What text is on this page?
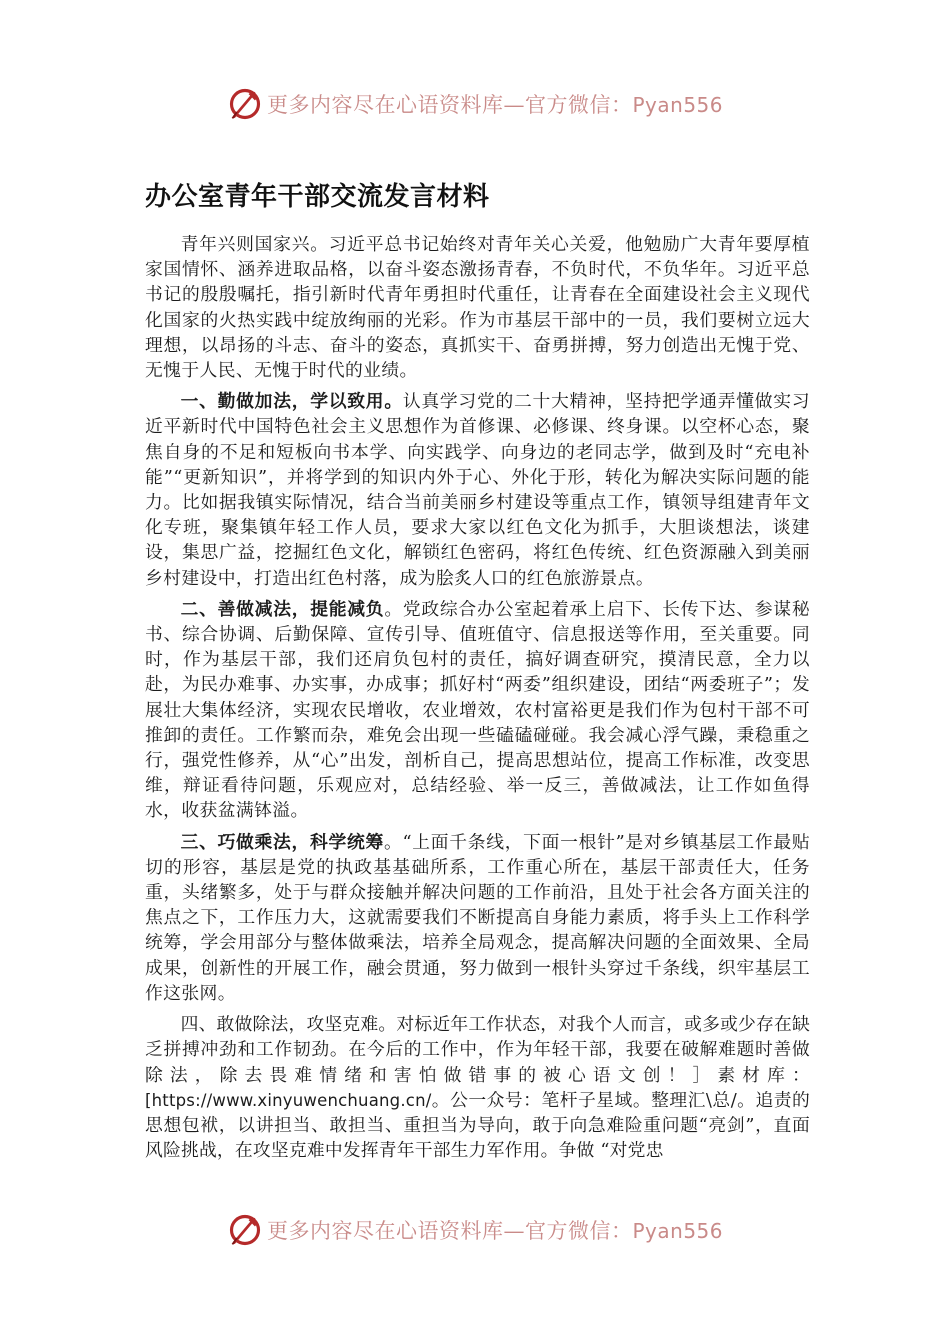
更多内容尽在心语资料库—官方微信：Pyan556
办公室青年干部交流发言材料

青年兴则国家兴。习近平总书记始终对青年关心关爱，他勉励广大青年要厚植家国情怀、涵养进取品格，以奋斗姿态激扬青春，不负时代，不负华年。习近平总书记的殷殷嘱托，指引新时代青年勇担时代重任，让青春在全面建设社会主义现代化国家的火热实践中绽放绚丽的光彩。作为市基层干部中的一员，我们要树立远大理想，以昂扬的斗志、奋斗的姿态，真抓实干、奋勇拼搏，努力创造出无愧于党、无愧于人民、无愧于时代的业绩。

一、勤做加法，学以致用。认真学习党的二十大精神，坚持把学通弄懂做实习近平新时代中国特色社会主义思想作为首修课、必修课、终身课。以空杯心态，聚焦自身的不足和短板向书本学、向实践学、向身边的老同志学，做到及时“充电补能”“更新知识”，并将学到的知识内外于心、外化于形，转化为解决实际问题的能力。比如据我镇实际情况，结合当前美丽乡村建设等重点工作，镇领导组建青年文化专班，聚集镇年轻工作人员，要求大家以红色文化为抓手，大胆谈想法，谈建设，集思广益，挖掘红色文化，解锁红色密码，将红色传统、红色资源融入到美丽乡村建设中，打造出红色村落，成为脍炙人口的红色旅游景点。

二、善做减法，提能减负。党政综合办公室起着承上启下、长传下达、参谋秘书、综合协调、后勤保障、宣传引导、值班值守、信息报送等作用，至关重要。同时，作为基层干部，我们还肩负包村的责任，搞好调查研究，摸清民意，全力以赴，为民办难事、办实事，办成事；抓好村“两委”组织建设，团结“两委班子”；发展壮大集体经济，实现农民增收，农业增效，农村富裕更是我们作为包村干部不可推卸的责任。工作繁而杂，难免会出现一些磕磕碰碰。我会减心浮气躁，秉稳重之行，强党性修养，从“心”出发，剖析自己，提高思想站位，提高工作标准，改变思维，辩证看待问题，乐观应对，总结经验、举一反三，善做减法，让工作如鱼得水，收获盆满钵溢。

三、巧做乘法，科学统筹。“上面千条线，下面一根针”是对乡镇基层工作最贴切的形容，基层是党的执政基基础所系，工作重心所在，基层干部责任大，任务重，头绪繁多，处于与群众接触并解决问题的工作前沿，且处于社会各方面关注的焦点之下，工作压力大，这就需要我们不断提高自身能力素质，将手头上工作科学统筹，学会用部分与整体做乘法，培养全局观念，提高解决问题的全面效果、全局成果，创新性的开展工作，融会贯通，努力做到一根针头穿过千条线，织牢基层工作这张网。

四、敢做除法，攻坚克难。对标近年工作状态，对我个人而言，或多或少存在缺乏拼搏冲劲和工作韧劲。在今后的工作中，作为年轻干部，我要在破解难题时善做除法，除去畏难情绪和害怕做错事的被心语文创！］素材库：[https://www.xinyuwenchuang.cn/。公一众号：笔杆子星域。整理汇\总/。追责的思想包袱，以讲担当、敢担当、重担当为导向，敢于向急难险重问题“亮剑”，直面风险挑战，在攻坚克难中发挥青年干部生力军作用。争做 “对党忠

更多内容尽在心语资料库—官方微信：Pyan556
